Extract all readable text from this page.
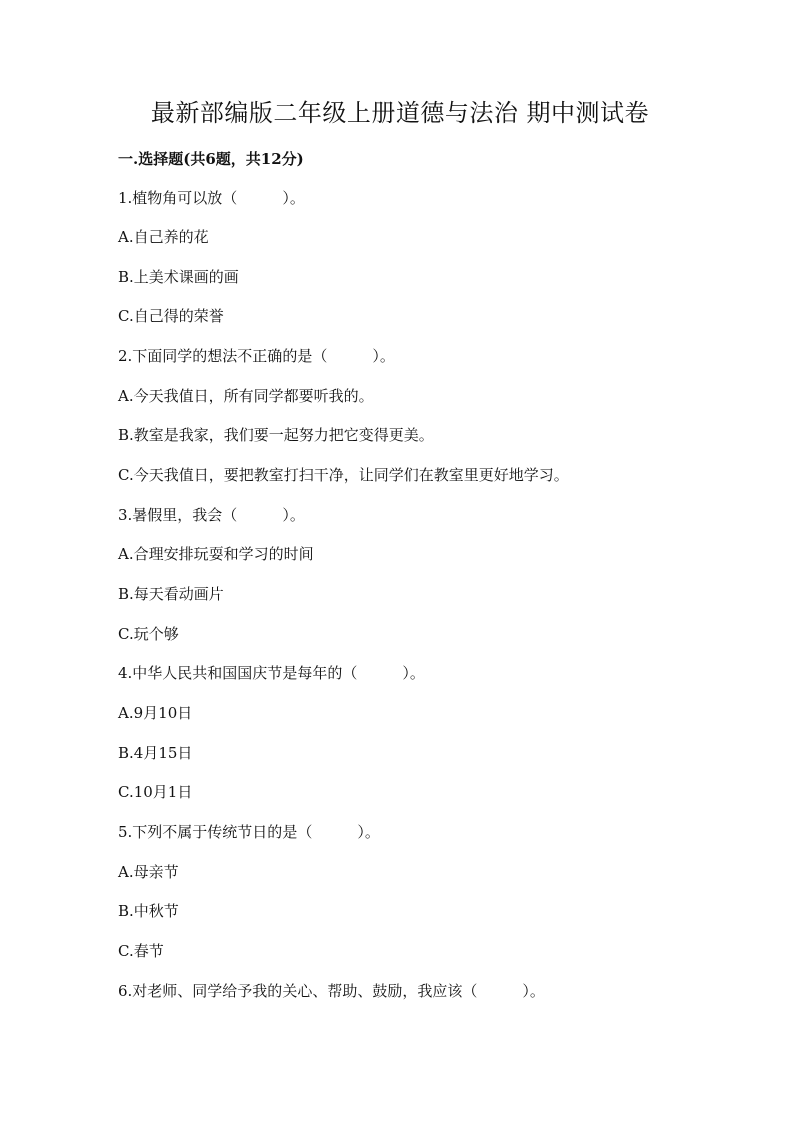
最新部编版二年级上册道德与法治 期中测试卷
一.选择题(共6题，共12分)

1.植物角可以放（　　　）。

A.自己养的花

B.上美术课画的画

C.自己得的荣誉

2.下面同学的想法不正确的是（　　　）。

A.今天我值日，所有同学都要听我的。

B.教室是我家，我们要一起努力把它变得更美。

C.今天我值日，要把教室打扫干净，让同学们在教室里更好地学习。

3.暑假里，我会（　　　）。

A.合理安排玩耍和学习的时间

B.每天看动画片

C.玩个够

4.中华人民共和国国庆节是每年的（　　　）。

A.9月10日

B.4月15日

C.10月1日

5.下列不属于传统节日的是（　　　）。

A.母亲节

B.中秋节

C.春节

6.对老师、同学给予我的关心、帮助、鼓励，我应该（　　　）。
